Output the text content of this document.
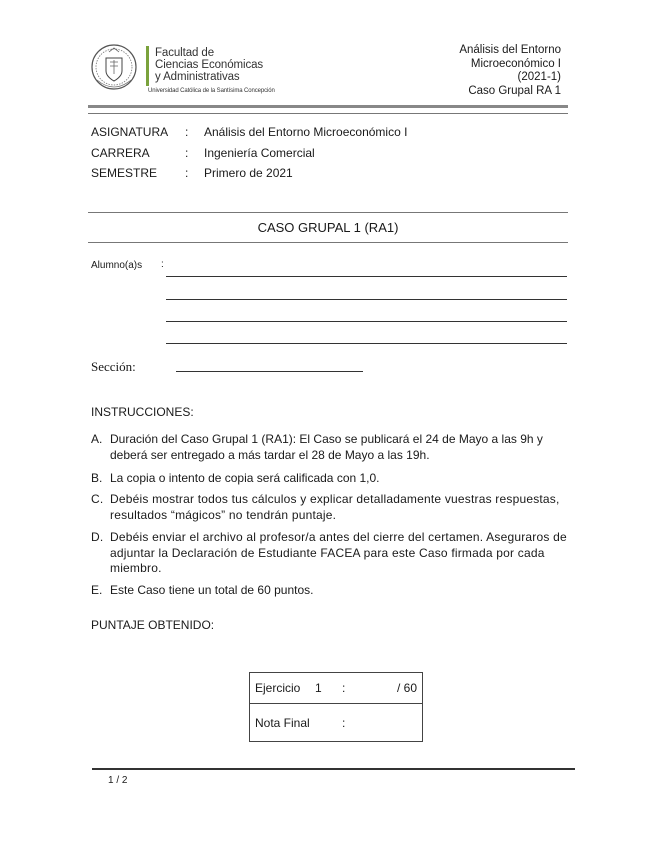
Facultad de
Ciencias Económicas
y Administrativas
Universidad Católica de la Santísima Concepción
Análisis del Entorno
Microeconómico I
(2021-1)
Caso Grupal RA 1
ASIGNATURA : Análisis del Entorno Microeconómico I
CARRERA	: Ingeniería Comercial
SEMESTRE : Primero de 2021
CASO GRUPAL 1 (RA1)
Alumno(a)s :
Sección:
INSTRUCCIONES:
A. Duración del Caso Grupal 1 (RA1): El Caso se publicará el 24 de Mayo a las 9h y deberá ser entregado a más tardar el 28 de Mayo a las 19h.
B. La copia o intento de copia será calificada con 1,0.
C. Debéis mostrar todos tus cálculos y explicar detalladamente vuestras respuestas, resultados “mágicos” no tendrán puntaje.
D. Debéis enviar el archivo al profesor/a antes del cierre del certamen. Aseguraros de adjuntar la Declaración de Estudiante FACEA para este Caso firmada por cada miembro.
E. Este Caso tiene un total de 60 puntos.
PUNTAJE OBTENIDO:
Ejercicio 1 :	/ 60
Nota Final	:
1 / 2
